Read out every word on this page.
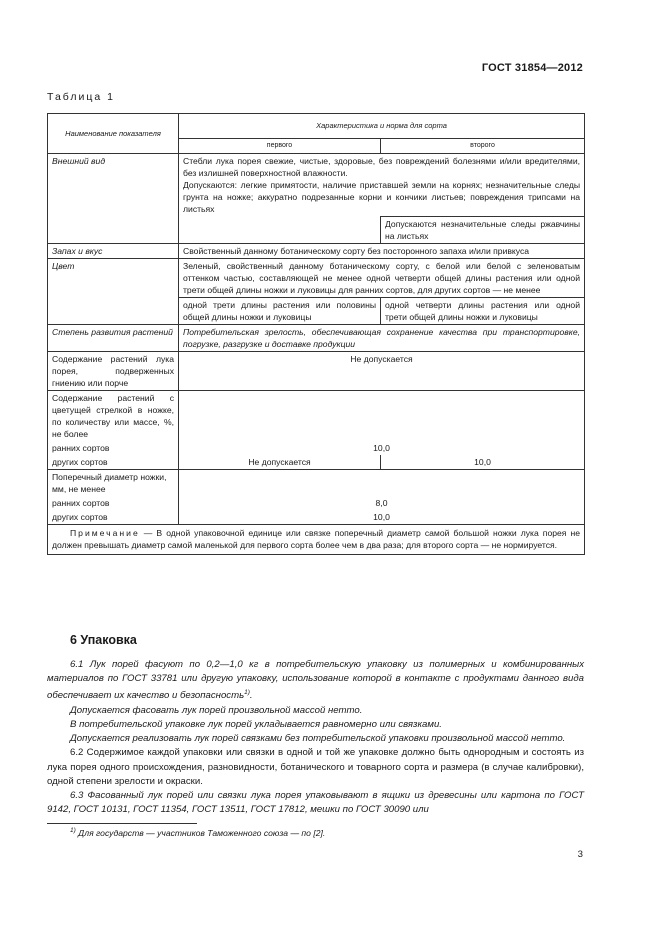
ГОСТ 31854—2012
Таблица 1
Наименование показателя	Характеристика и норма для сорта	
	первого	второго
Внешний вид	Стебли лука порея свежие, чистые, здоровые, без повреждений болезнями и/или вредителями, без излишней поверхностной влажности.
Допускаются: легкие примятости, наличие приставшей земли на корнях; незначительные следы грунта на ножке; аккуратно подрезанные корни и кончики листьев; повреждения трипсами на листьях	

		Допускаются незначительные следы ржавчины на листьях
Запах и вкус	Свойственный данному ботаническому сорту без посторонного запаха и/или привкуса	
Цвет	Зеленый, свойственный данному ботаническому сорту, с белой или белой с зеленоватым оттенком частью, составляющей не менее одной четверти общей длины растения или одной трети общей длины ножки и луковицы для ранних сортов, для других сортов — не менее	
	одной трети длины растения или половины общей длины ножки и луковицы	одной четверти длины растения или одной трети общей длины ножки и луковицы
Степень развития растений	Потребительская зрелость, обеспечивающая сохранение качества при транспортировке, погрузке, разгрузке и доставке продукции	
Содержание растений лука порея, подверженных гниению или порче	Не допускается	
Содержание растений с цветущей стрелкой в ножке, по количеству или массе, %, не более		
ранних сортов	10,0	
других сортов	Не допускается	10,0
Поперечный диаметр ножки, мм, не менее		
ранних сортов	8,0	
других сортов	10,0	
Примечание — В одной упаковочной единице или связке поперечный диаметр самой большой ножки лука порея не должен превышать диаметр самой маленькой для первого сорта более чем в два раза; для второго сорта — не нормируется.		
6 Упаковка

6.1 Лук порей фасуют по 0,2—1,0 кг в потребительскую упаковку из полимерных и комбинированных материалов по ГОСТ 33781 или другую упаковку, использование которой в контакте с продуктами данного вида обеспечивает их качество и безопасность$^{1)}$.

Допускается фасовать лук порей произвольной массой нетто.

В потребительской упаковке лук порей укладывается равномерно или связками.

Допускается реализовать лук порей связками без потребительской упаковки произвольной массой нетто.

6.2 Содержимое каждой упаковки или связки в одной и той же упаковке должно быть однородным и состоять из лука порея одного происхождения, разновидности, ботанического и товарного сорта и размера (в случае калибровки), одной степени зрелости и окраски.

6.3 Фасованный лук порей или связки лука порея упаковывают в ящики из древесины или картона по ГОСТ 9142, ГОСТ 10131, ГОСТ 11354, ГОСТ 13511, ГОСТ 17812, мешки по ГОСТ 30090 или

$^{1)}$ Для государств — участников Таможенного союза — по [2].
3
